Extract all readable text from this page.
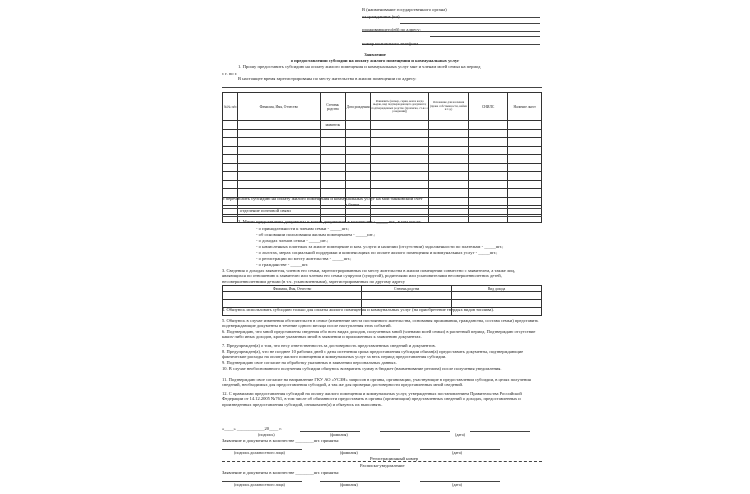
В (наименование государственного органа)
от гражданина (ки)
проживающего(ей) по адресу:
номер контактного телефона
Заявление
о предоставлении субсидии на оплату жилого помещения и коммунальных услуг
1. Прошу предоставить субсидию на оплату жилого помещения и коммунальных услуг мне и членам моей семьи на период
с г. по г.
В настоящее время зарегистрированы по месту жительства в жилом помещении по адресу:
№№ п/п	Фамилия, Имя, Отчество	Степень родства	Дата рождения	Реквизиты (номер, серия, кем и когда выдан, вид подтверждающего документа; подтвержденных родство (прописка, ст-во о рождении))	Основание для вселения (права собственности, найма и т.д.)	СНИЛС	Наличие льгот
		заявитель					

и перечислить субсидию на оплату жилого помещения и коммунальных услуг на мой банковский счет
в банке
отделение почтовой связи
2. Мною представлены документы и копии документов в количестве - _____ шт., в том числе:
- о принадлежности к членам семьи - _____шт.;
- об основании пользования жилым помещением - _____шт.;
- о доходах членов семьи - _____шт.;
- о начисленных платежах за жилое помещение и ком. услуги и наличии (отсутствии) задолженности по платежам - _____шт.;
- о льготах, мерах социальной поддержки и компенсациях по оплате жилого помещения и коммунальных услуг - _____шт.;
- о регистрации по месту жительства - _____шт.;
- о гражданстве - _____шт.
3. Сведения о доходах заявителя, членов его семьи, зарегистрированных по месту жительства в жилом помещении совместно с заявителем, а также лиц, являющихся по отношению к заявителю или членам его семьи супругом (супругой), родителями или усыновителями несовершеннолетних детей, несовершеннолетними детьми (в т.ч. усыновленными), зарегистрированных по другому адресу
Фамилия, Имя, Отчество	Степень родства	Вид дохода

4. Обязуюсь использовать субсидию только для оплаты жилого помещения и коммунальных услуг (на приобретение твердых видов топлива).
5. Обязуюсь в случае изменения обстоятельств в семье (изменение места постоянного жительства, основания проживания, гражданства, состава семьи) представить подтверждающие документы в течение одного месяца после наступления этих событий.
6. Подтверждаю, что мной представлены сведения обо всех видах доходов, полученных мной (членами моей семьи) в расчетный период. Подтверждаю отсутствие каких-либо иных доходов, кроме указанных мной в заявлении и приложенных к заявлению документах.
7. Предупрежден(а) о том, что несу ответственность за достоверность представленных сведений и документов.
8. Предупрежден(а), что не позднее 10 рабочих дней с даты истечения срока предоставления субсидии обязан(а) предоставить документы, подтверждающие фактические расходы на оплату жилого помещения и коммунальных услуг за весь период предоставления субсидии.
9. Подтверждаю свое согласие на обработку указанных в заявлении персональных данных.
10. В случае необоснованного получения субсидии обязуюсь возвратить сумму в бюджет (наименование региона) после получения уведомления.
11. Подтверждаю свое согласие на направление ГКУ АО «УСЗН» запросов в органы, организации, участвующие в предоставлении субсидии, в целях получения сведений, необходимых для предоставления субсидий, а так же для проверки достоверности представленных мной сведений.
12. С правилами предоставления субсидий на оплату жилого помещения и коммунальных услуг, утвержденных постановлением Правительства Российской Федерации от 14.12.2005 №761, в том числе об обязанности предоставить в органы (организации) представленных сведений о доходах, предоставленных и произведенных предоставления субсидий, ознакомлен(а) и обязуюсь их выполнять.
«____» ____________20____ г.
(подпись)	(фамилия)	(дата)
Заявление и документы в количестве ________шт. приняты:
(подпись должностного лица)	(фамилия)	(дата)
Регистрационный номер
Расписка-уведомление
Заявление и документы в количестве ________шт. приняты:
(подпись должностного лица)	(фамилия)	(дата)
